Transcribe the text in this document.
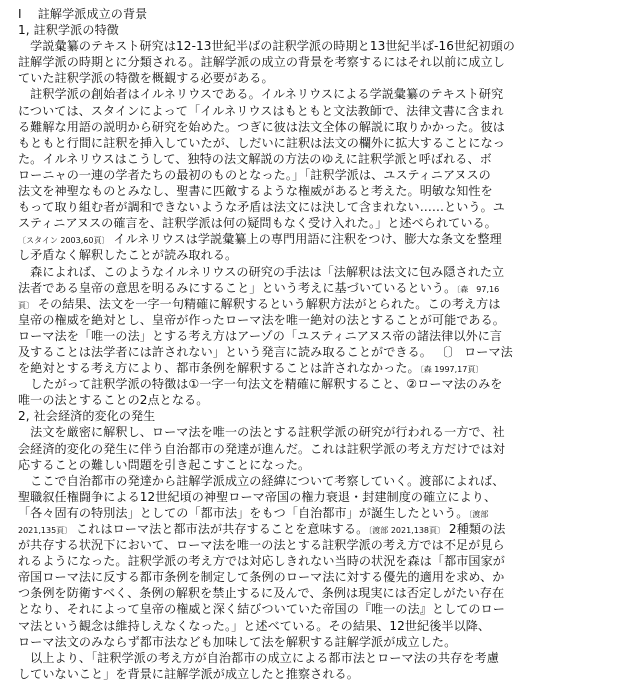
Ⅰ　 註解学派成立の背景
1, 註釈学派の特徴
　学説彙纂のテキスト研究は12-13世紀半ばの註釈学派の時期と13世紀半ば-16世紀初頭の
註解学派の時期とに分類される。註解学派の成立の背景を考察するにはそれ以前に成立し
ていた註釈学派の特徴を概観する必要がある。
　註釈学派の創始者はイルネリウスである。イルネリウスによる学説彙纂のテキスト研究
については、スタインによって「イルネリウスはもともと文法教師で、法律文書に含まれ
る難解な用語の説明から研究を始めた。つぎに彼は法文全体の解説に取りかかった。彼は
もともと行間に註釈を挿入していたが、しだいに註釈は法文の欄外に拡大することになっ
た。イルネリウスはこうして、独特の法文解説の方法のゆえに註釈学派と呼ばれる、ボ
ローニャの一連の学者たちの最初のものとなった。」「註釈学派は、ユスティニアヌスの
法文を神聖なものとみなし、聖書に匹敵するような権威があると考えた。明敏な知性を
もって取り組む者が調和できないような矛盾は法文には決して含まれない……という。ユ
スティニアヌスの確言を、註釈学派は何の疑問もなく受け入れた。」と述べられている。
〔スタイン 2003,60頁〕 イルネリウスは学説彙纂上の専門用語に注釈をつけ、膨大な条文を整理
し矛盾なく解釈したことが読み取れる。
　森によれば、このようなイルネリウスの研究の手法は「法解釈は法文に包み隠された立
法者である皇帝の意思を明るみにすること」という考えに基づいているという。〔森　97,16
頁〕 その結果、法文を一字一句精確に解釈するという解釈方法がとられた。この考え方は
皇帝の権威を絶対とし、皇帝が作ったローマ法を唯一絶対の法とすることが可能である。
ローマ法を「唯一の法」とする考え方はアーゾの「ユスティニアヌス帝の諸法律以外に言
及することは法学者には許されない」という発言に読み取ることができる。 〔〕 ローマ法
を絶対とする考え方により、都市条例を解釈することは許されなかった。〔森 1997,17頁〕
　したがって註釈学派の特徴は①一字一句法文を精確に解釈すること、②ローマ法のみを
唯一の法とすることの2点となる。
2, 社会経済的変化の発生
　法文を厳密に解釈し、ローマ法を唯一の法とする註釈学派の研究が行われる一方で、社
会経済的変化の発生に伴う自治都市の発達が進んだ。これは註釈学派の考え方だけでは対
応することの難しい問題を引き起こすことになった。
　ここで自治都市の発達から註解学派成立の経緯について考察していく。渡部によれば、
聖職叙任権闘争による12世紀頃の神聖ローマ帝国の権力衰退・封建制度の確立により、
「各々固有の特別法」としての「都市法」をもつ「自治都市」が誕生したという。〔渡部
2021,135頁〕 これはローマ法と都市法が共存することを意味する。〔渡部 2021,138頁〕 2種類の法
が共存する状況下において、ローマ法を唯一の法とする註釈学派の考え方では不足が見ら
れるようになった。註釈学派の考え方では対応しきれない当時の状況を森は「都市国家が
帝国ローマ法に反する都市条例を制定して条例のローマ法に対する優先的適用を求め、か
つ条例を防衛すべく、条例の解釈を禁止するに及んで、条例は現実には否定しがたい存在
となり、それによって皇帝の権威と深く結びついていた帝国の『唯一の法』としてのロー
マ法という観念は維持しえなくなった。」と述べている。その結果、12世紀後半以降、
ローマ法文のみならず都市法なども加味して法を解釈する註解学派が成立した。
　以上より、「註釈学派の考え方が自治都市の成立による都市法とローマ法の共存を考慮
していないこと」を背景に註解学派が成立したと推察される。
